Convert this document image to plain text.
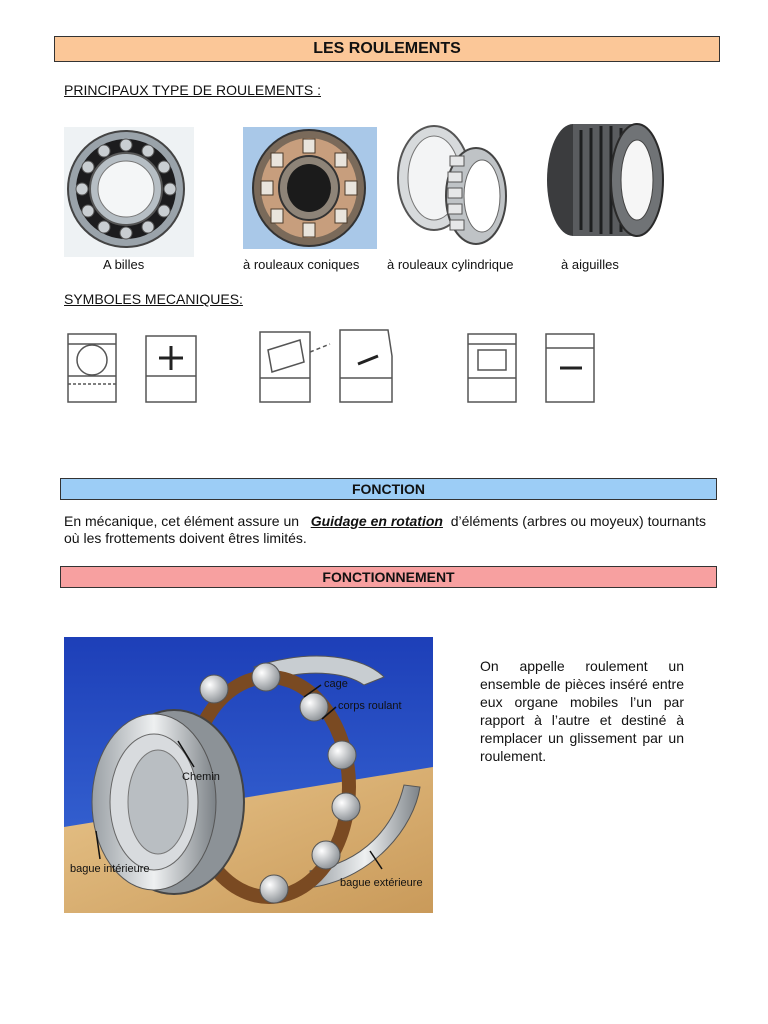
LES ROULEMENTS
PRINCIPAUX TYPE DE ROULEMENTS :
A billes	à rouleaux coniques à rouleaux cylindrique	à aiguilles
SYMBOLES MECANIQUES:
FONCTION
En mécanique, cet élément assure un Guidage en rotation d’éléments (arbres ou moyeux) tournants où les frottements doivent êtres limités.
FONCTIONNEMENT
cage
corps roulant
Chemin
bague intérieure
bague extérieure
On appelle roulement un ensemble de pièces inséré entre eux organe mobiles l’un par rapport à l’autre et destiné à remplacer un glissement par un roulement.
